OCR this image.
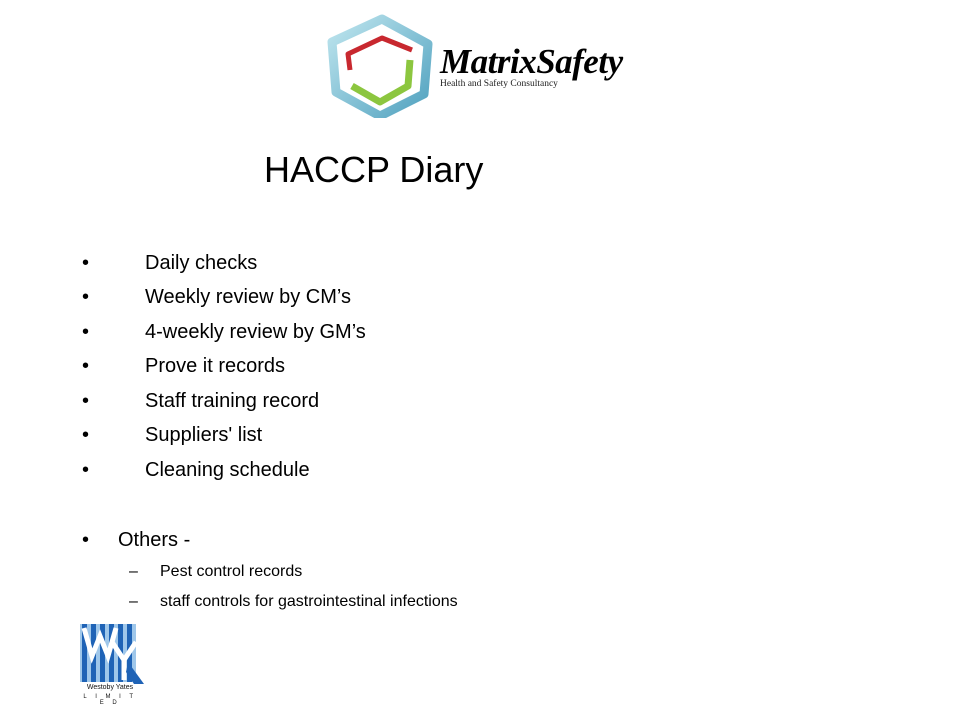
MatrixSafety
Health and Safety Consultancy
HACCP Diary
•	Daily checks
•	Weekly review by CM’s
•	4-weekly review by GM’s
•	Prove it records
•	Staff training record
•	Suppliers' list
•	Cleaning schedule
• Others -
– Pest control records
– staff controls for gastrointestinal infections
Westoby Yates
L I M I T E D
